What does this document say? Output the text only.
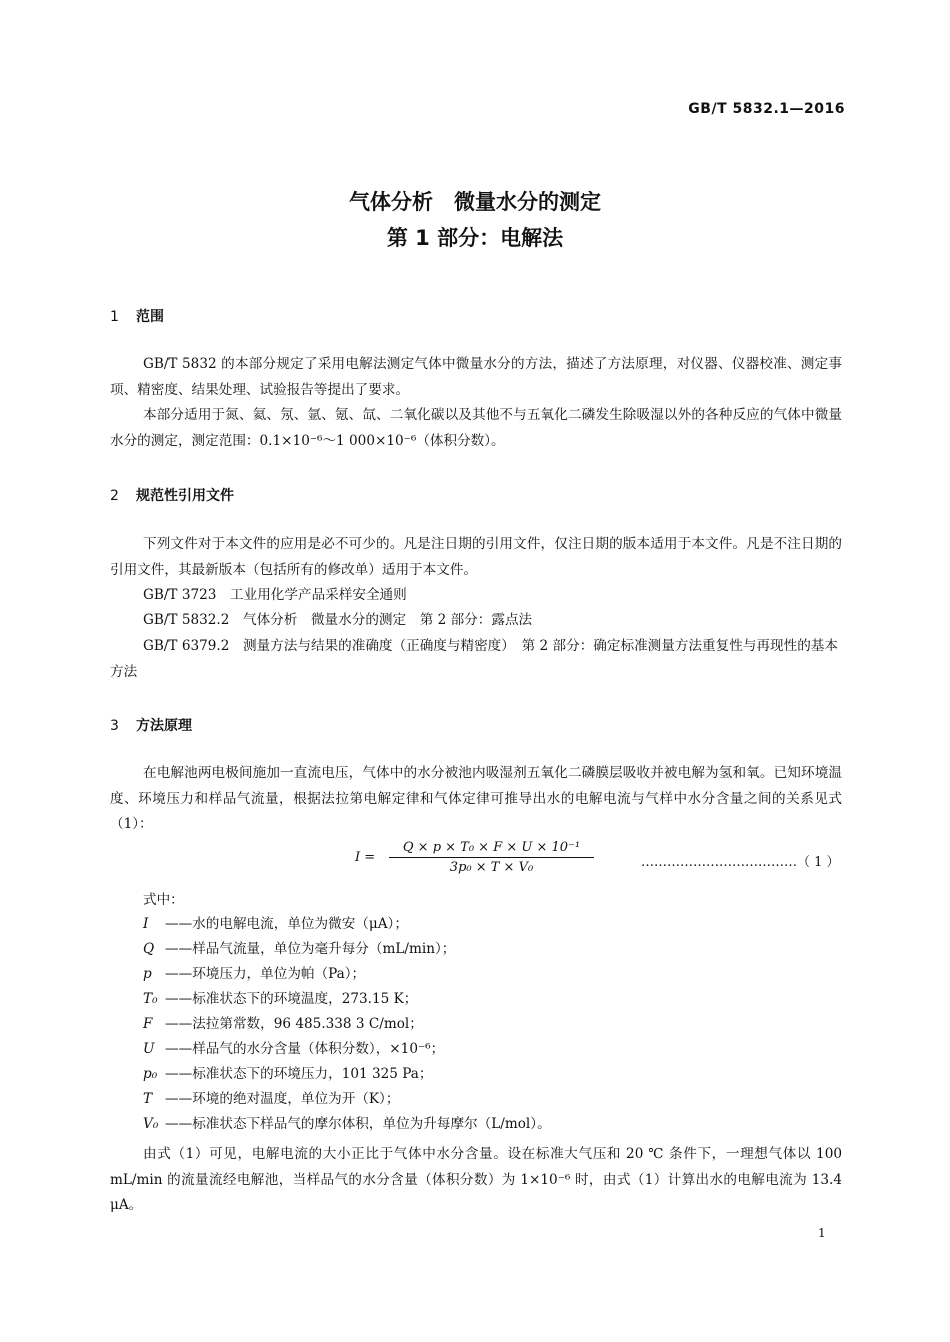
GB/T 5832.1—2016
气体分析　微量水分的测定
第 1 部分：电解法
1 范围
GB/T 5832 的本部分规定了采用电解法测定气体中微量水分的方法，描述了方法原理，对仪器、仪器校准、测定事项、精密度、结果处理、试验报告等提出了要求。
本部分适用于氮、氦、氖、氩、氪、氙、二氧化碳以及其他不与五氧化二磷发生除吸湿以外的各种反应的气体中微量水分的测定，测定范围：0.1×10⁻⁶～1 000×10⁻⁶（体积分数）。
2 规范性引用文件
下列文件对于本文件的应用是必不可少的。凡是注日期的引用文件，仅注日期的版本适用于本文件。凡是不注日期的引用文件，其最新版本（包括所有的修改单）适用于本文件。
GB/T 3723　工业用化学产品采样安全通则
GB/T 5832.2　气体分析　微量水分的测定　第 2 部分：露点法
GB/T 6379.2　测量方法与结果的准确度（正确度与精密度）　第 2 部分：确定标准测量方法重复性与再现性的基本方法
3 方法原理
在电解池两电极间施加一直流电压，气体中的水分被池内吸湿剂五氧化二磷膜层吸收并被电解为氢和氧。已知环境温度、环境压力和样品气流量，根据法拉第电解定律和气体定律可推导出水的电解电流与气样中水分含量之间的关系见式（1）：
I =	$\frac{\text{Q × p × T₀ × F × U × 10⁻¹}}{\text{3p₀ × T × V₀}}$	………………………………（ 1 ）
式中：
I ——水的电解电流，单位为微安（μA）；
Q ——样品气流量，单位为毫升每分（mL/min）；
p ——环境压力，单位为帕（Pa）；
T₀ ——标准状态下的环境温度，273.15 K；
F ——法拉第常数，96 485.338 3 C/mol；
U ——样品气的水分含量（体积分数），×10⁻⁶；
p₀ ——标准状态下的环境压力，101 325 Pa；
T ——环境的绝对温度，单位为开（K）；
V₀ ——标准状态下样品气的摩尔体积，单位为升每摩尔（L/mol）。
由式（1）可见，电解电流的大小正比于气体中水分含量。设在标准大气压和 20 ℃ 条件下，一理想气体以 100 mL/min 的流量流经电解池，当样品气的水分含量（体积分数）为 1×10⁻⁶ 时，由式（1）计算出水的电解电流为 13.4 μA。
1
